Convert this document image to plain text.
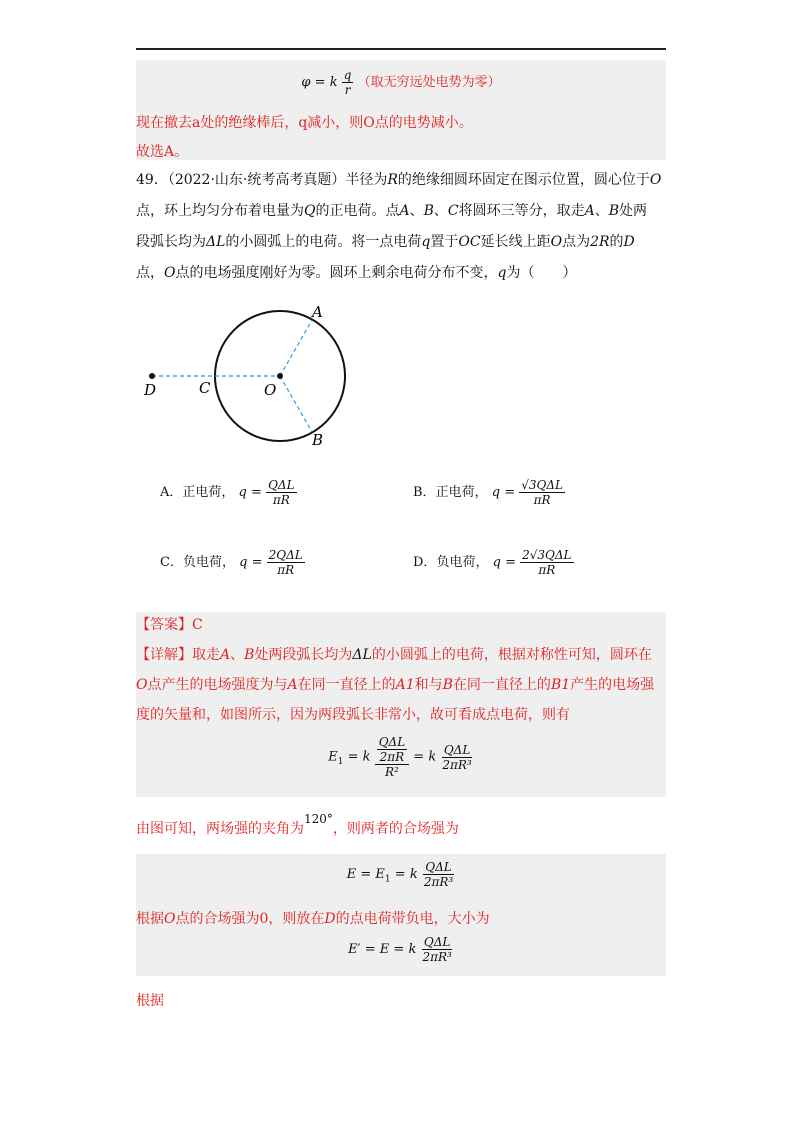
φ = k $\frac{q}{r}$ （取无穷远处电势为零）
现在撤去a处的绝缘棒后，q减小，则O点的电势减小。
故选A。
49．（2022·山东·统考高考真题）半径为R的绝缘细圆环固定在图示位置，圆心位于O
点，环上均匀分布着电量为Q的正电荷。点A、B、C将圆环三等分，取走A、B处两
段弧长均为ΔL的小圆弧上的电荷。将一点电荷q置于OC延长线上距O点为2R的D
点，O点的电场强度刚好为零。圆环上剩余电荷分布不变，q为（　　）
A
B
C	O
D
A．正电荷， $q = \frac{\text{QΔL}}{\pi R}$	B．正电荷， $q = \frac{\text{√3QΔL}}{\pi R}$
C．负电荷， $q = \frac{\text{2QΔL}}{\pi R}$	D．负电荷， $q = \frac{\text{2√3QΔL}}{\pi R}$
【答案】C
【详解】取走A、B处两段弧长均为ΔL的小圆弧上的电荷，根据对称性可知，圆环在
O点产生的电场强度为与A在同一直径上的A1和与B在同一直径上的B1产生的电场强
度的矢量和，如图所示，因为两段弧长非常小，故可看成点电荷，则有
$E_1 = k \frac{\frac{\text{QΔL}}{2\pi R}}{\text{R²}} = k \frac{\text{QΔL}}{\text{2πR³}}$
由图可知，两场强的夹角为120°，则两者的合场强为
$E = E_1 = k \frac{\text{QΔL}}{\text{2πR³}}$
根据O点的合场强为0，则放在D的点电荷带负电，大小为
E′ = E = k $\frac{\text{QΔL}}{\text{2πR³}}$
根据
